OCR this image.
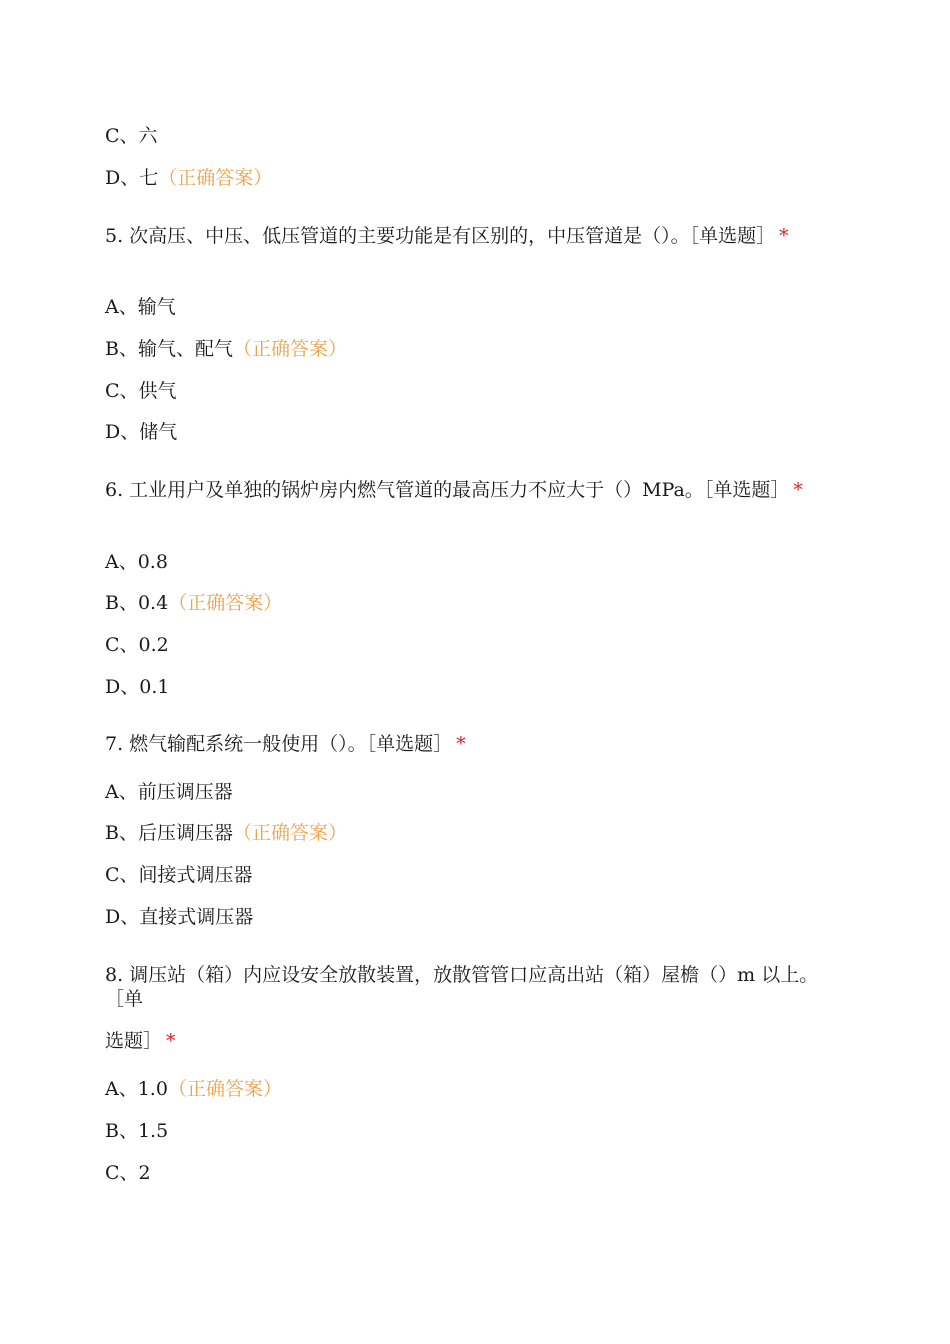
C、六
D、七（正确答案）
5. 次高压、中压、低压管道的主要功能是有区别的，中压管道是（）。［单选题］ *
A、输气
B、输气、配气（正确答案）
C、供气
D、储气
6. 工业用户及单独的锅炉房内燃气管道的最高压力不应大于（）MPa。［单选题］ *
A、0.8
B、0.4（正确答案）
C、0.2
D、0.1
7. 燃气输配系统一般使用（）。［单选题］ *
A、前压调压器
B、后压调压器（正确答案）
C、间接式调压器
D、直接式调压器
8. 调压站（箱）内应设安全放散装置，放散管管口应高出站（箱）屋檐（）m 以上。［单
选题］ *
A、1.0（正确答案）
B、1.5
C、2
